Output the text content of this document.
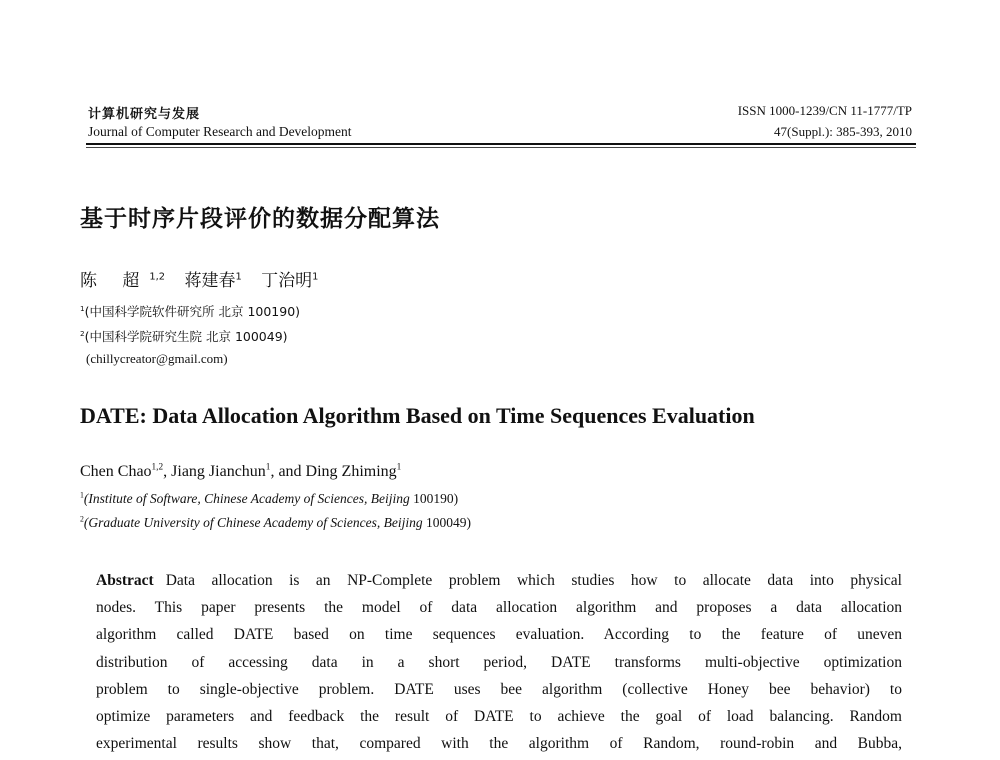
计算机研究与发展
Journal of Computer Research and Development
ISSN 1000-1239/CN 11-1777/TP
47(Suppl.): 385-393, 2010
基于时序片段评价的数据分配算法
陈 超$^{1,2}$ 蒋建春$^1$ 丁治明$^1$
$^1$(中国科学院软件研究所 北京 100190)
$^2$(中国科学院研究生院 北京 100049)
(chillycreator@gmail.com)
DATE: Data Allocation Algorithm Based on Time Sequences Evaluation
Chen Chao$^{1,2}$, Jiang Jianchun$^1$, and Ding Zhiming$^1$
$^1$(Institute of Software, Chinese Academy of Sciences, Beijing 100190)
$^2$(Graduate University of Chinese Academy of Sciences, Beijing 100049)
Abstract Data allocation is an NP-Complete problem which studies how to allocate data into physical
nodes. This paper presents the model of data allocation algorithm and proposes a data allocation
algorithm called DATE based on time sequences evaluation. According to the feature of uneven
distribution of accessing data in a short period, DATE transforms multi-objective optimization
problem to single-objective problem. DATE uses bee algorithm (collective Honey bee behavior) to
optimize parameters and feedback the result of DATE to achieve the goal of load balancing. Random
experimental results show that, compared with the algorithm of Random, round-robin and Bubba,
